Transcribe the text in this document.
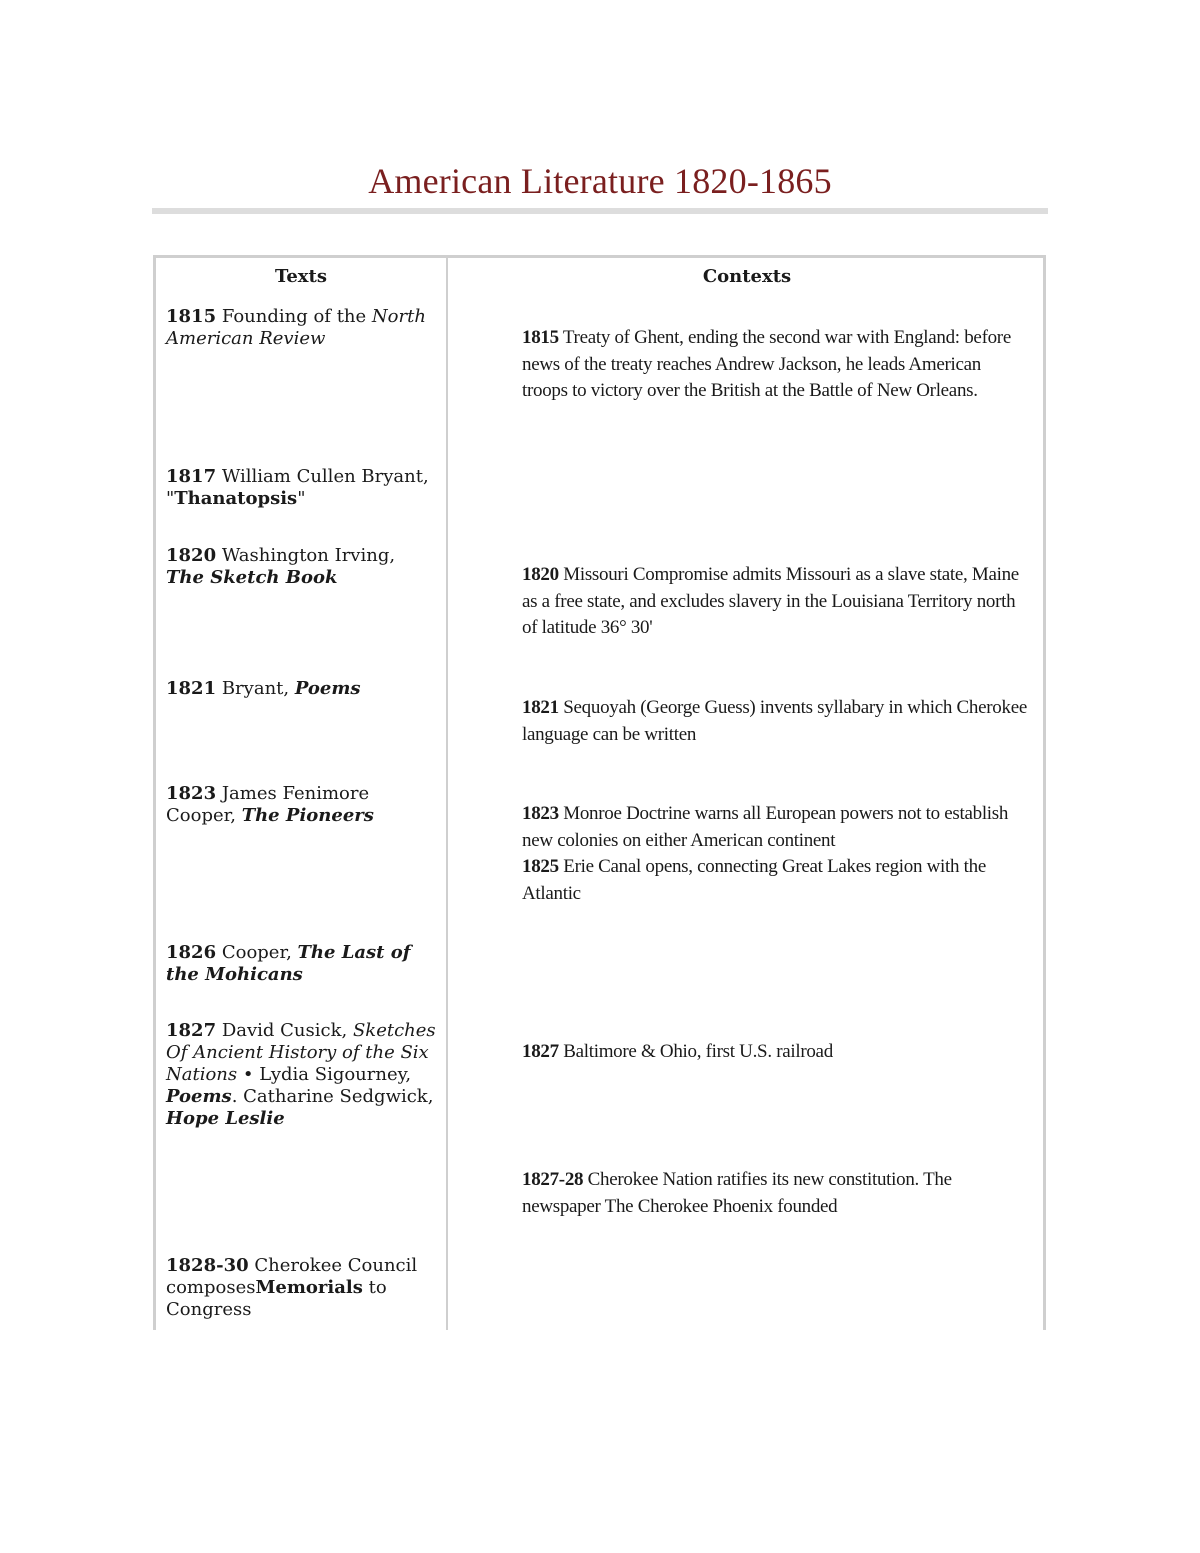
American Literature 1820-1865
Texts	Contexts

1815 Founding of the North American Review

1817 William Cullen Bryant, "Thanatopsis"

1820 Washington Irving, The Sketch Book

1821 Bryant, Poems

1823 James Fenimore Cooper, The Pioneers

1826 Cooper, The Last of the Mohicans

1827 David Cusick, Sketches Of Ancient History of the Six Nations • Lydia Sigourney, Poems. Catharine Sedgwick, Hope Leslie

1828-30 Cherokee Council composesMemorials to Congress

1815 Treaty of Ghent, ending the second war with England: before news of the treaty reaches Andrew Jackson, he leads American troops to victory over the British at the Battle of New Orleans.

1820 Missouri Compromise admits Missouri as a slave state, Maine as a free state, and excludes slavery in the Louisiana Territory north of latitude 36° 30'

1821 Sequoyah (George Guess) invents syllabary in which Cherokee language can be written

1823 Monroe Doctrine warns all European powers not to establish new colonies on either American continent

1825 Erie Canal opens, connecting Great Lakes region with the Atlantic

1827 Baltimore & Ohio, first U.S. railroad

1827-28 Cherokee Nation ratifies its new constitution. The newspaper The Cherokee Phoenix founded
